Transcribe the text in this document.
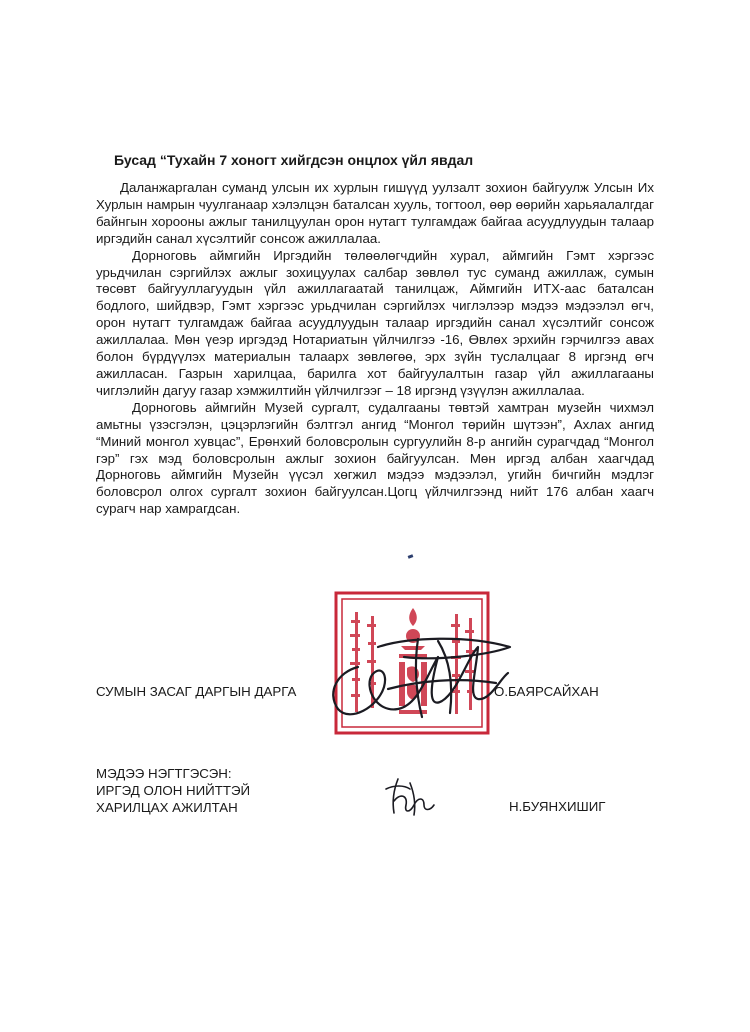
Бусад “Тухайн 7 хоногт хийгдсэн онцлох үйл явдал

Даланжаргалан суманд улсын их хурлын гишүүд уулзалт зохион байгуулж Улсын Их Хурлын намрын чуулганаар хэлэлцэн баталсан хууль, тогтоол, өөр өөрийн харьяалалгдаг байнгын хорооны ажлыг танилцуулан орон нутагт тулгамдаж байгаа асуудлуудын талаар иргэдийн санал хүсэлтийг сонсож ажиллалаа.

Дорноговь аймгийн Иргэдийн төлөөлөгчдийн хурал, аймгийн Гэмт хэргээс урьдчилан сэргийлэх ажлыг зохицуулах салбар зөвлөл тус суманд ажиллаж, сумын төсөвт байгууллагуудын үйл ажиллагаатай танилцаж, Аймгийн ИТХ-аас баталсан бодлого, шийдвэр, Гэмт хэргээс урьдчилан сэргийлэх чиглэлээр мэдээ мэдээлэл өгч, орон нутагт тулгамдаж байгаа асуудлуудын талаар иргэдийн санал хүсэлтийг сонсож ажиллалаа. Мөн үеэр иргэдэд Нотариатын үйлчилгээ -16, Өвлөх эрхийн гэрчилгээ авах болон бүрдүүлэх материалын талаарх зөвлөгөө, эрх зүйн туслалцааг 8 иргэнд өгч ажилласан. Газрын харилцаа, барилга хот байгуулалтын газар үйл ажиллагааны чиглэлийн дагуу газар хэмжилтийн үйлчилгээг – 18 иргэнд үзүүлэн ажиллалаа.

Дорноговь аймгийн Музей сургалт, судалгааны төвтэй хамтран музейн чихмэл амьтны үзэсгэлэн, цэцэрлэгийн бэлтгэл ангид “Монгол төрийн шүтээн”, Ахлах ангид “Миний монгол хувцас”, Ерөнхий боловсролын сургуулийн 8-р ангийн сурагчдад “Монгол гэр” гэх мэд боловсролын ажлыг зохион байгуулсан. Мөн иргэд албан хаагчдад Дорноговь аймгийн Музейн үүсэл хөгжил мэдээ мэдээлэл, угийн бичгийн мэдлэг боловсрол олгох сургалт зохион байгуулсан.Цогц үйлчилгээнд нийт 176 албан хаагч сурагч нар хамрагдсан.

СУМЫН ЗАСАГ ДАРГЫН ДАРГА	О.БАЯРСАЙХАН

МЭДЭЭ НЭГТГЭСЭН:
ИРГЭД ОЛОН НИЙТТЭЙ
ХАРИЛЦАХ АЖИЛТАН	Н.БУЯНХИШИГ
